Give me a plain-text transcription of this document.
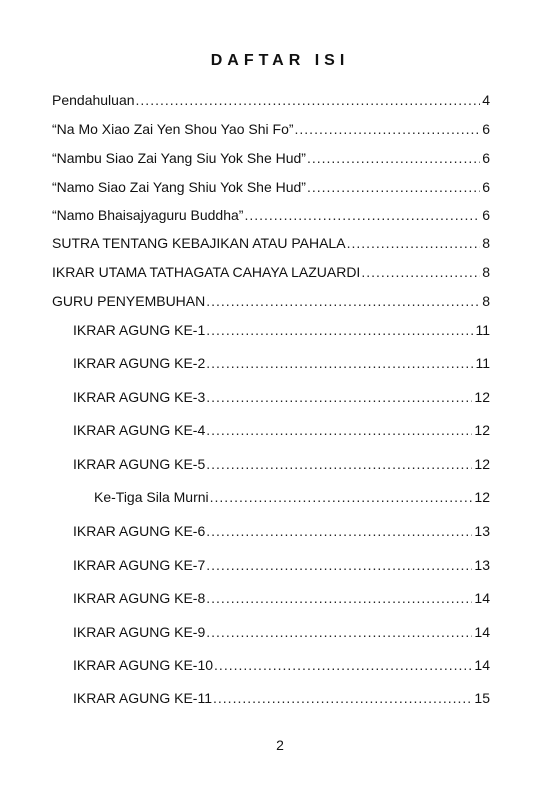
DAFTAR ISI
Pendahuluan .....	4
“Na Mo Xiao Zai Yen Shou Yao Shi Fo” .....	6
“Nambu Siao Zai Yang Siu Yok She Hud” .....	6
“Namo Siao Zai Yang Shiu Yok She Hud” .....	6
“Namo Bhaisajyaguru Buddha” .....	6
SUTRA TENTANG KEBAJIKAN ATAU PAHALA .....	8
IKRAR UTAMA TATHAGATA CAHAYA LAZUARDI .....	8
GURU PENYEMBUHAN .....	8
IKRAR AGUNG KE-1 .....	11
IKRAR AGUNG KE-2 .....	11
IKRAR AGUNG KE-3 .....	12
IKRAR AGUNG KE-4 .....	12
IKRAR AGUNG KE-5 .....	12
Ke-Tiga Sila Murni .....	12
IKRAR AGUNG KE-6 .....	13
IKRAR AGUNG KE-7 .....	13
IKRAR AGUNG KE-8 .....	14
IKRAR AGUNG KE-9 .....	14
IKRAR AGUNG KE-10 .....	14
IKRAR AGUNG KE-11 .....	15
2
